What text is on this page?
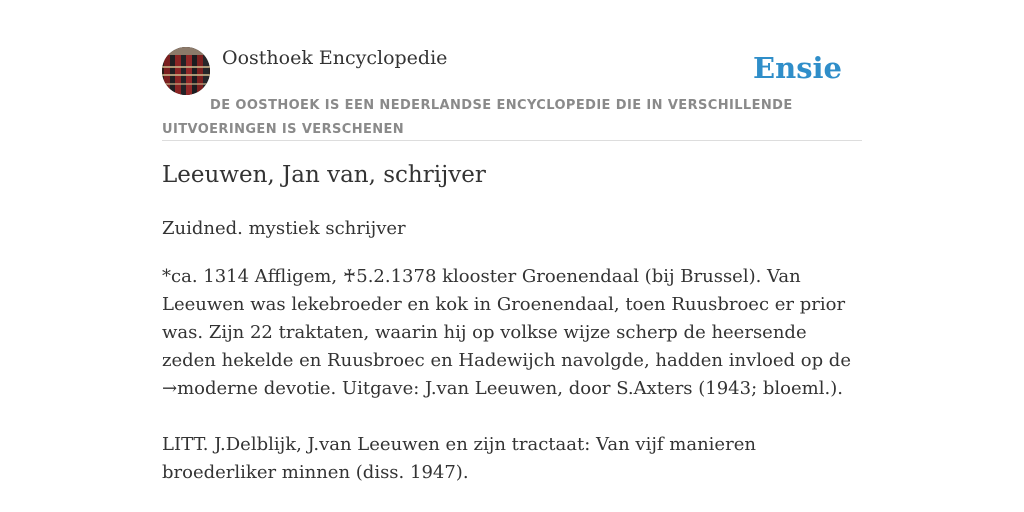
Oosthoek Encyclopedie	Ensie
DE OOSTHOEK IS EEN NEDERLANDSE ENCYCLOPEDIE DIE IN VERSCHILLENDE UITVOERINGEN IS VERSCHENEN
Leeuwen, Jan van, schrijver
Zuidned. mystiek schrijver

*ca. 1314 Affligem, ♰5.2.1378 klooster Groenendaal (bij Brussel). Van Leeuwen was lekebroeder en kok in Groenendaal, toen Ruusbroec er prior was. Zijn 22 traktaten, waarin hij op volkse wijze scherp de heersende zeden hekelde en Ruusbroec en Hadewijch navolgde, hadden invloed op de →moderne devotie. Uitgave: J.van Leeuwen, door S.Axters (1943; bloeml.).

LITT. J.Delblijk, J.van Leeuwen en zijn tractaat: Van vijf manieren broederliker minnen (diss. 1947).
